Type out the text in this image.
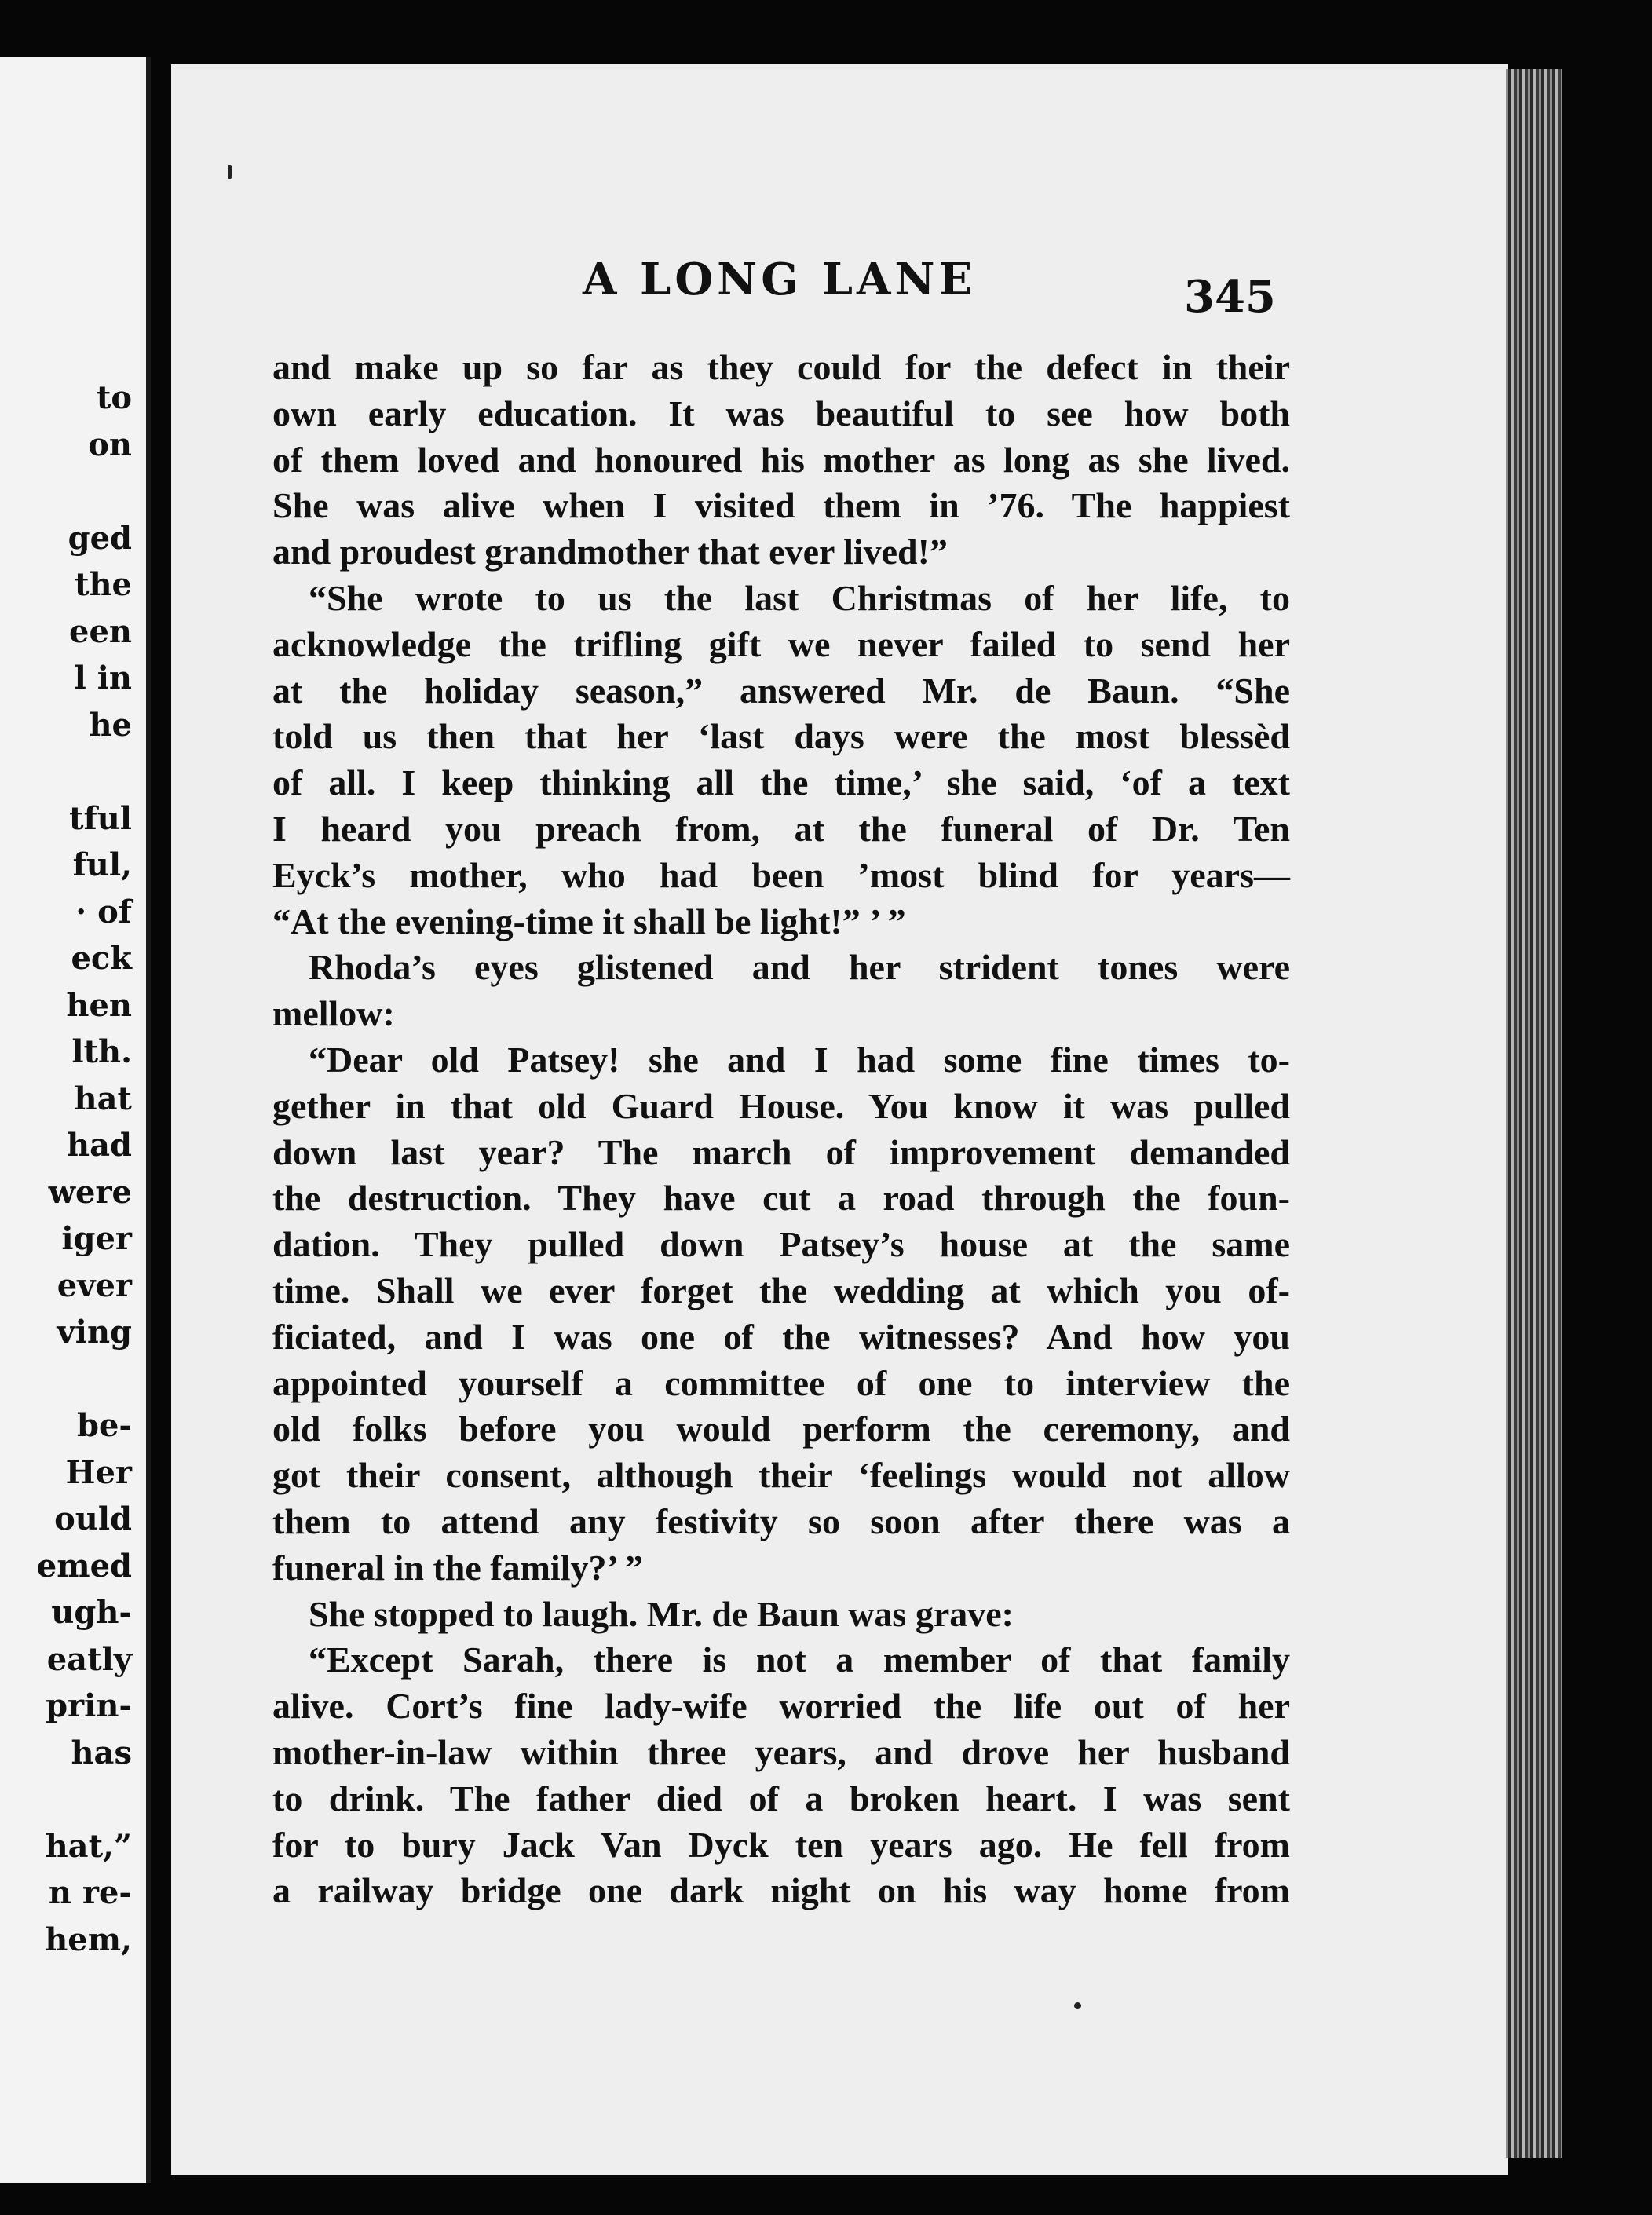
to
on
ged
the
een
l in
he
tful
ful,
· of
eck
hen
lth.
hat
had
were
iger
ever
ving
be-
Her
ould
emed
ugh-
eatly
prin-
has
hat,”
n re-
hem,
A LONG LANE	345
and make up so far as they could for the defect in their
own early education. It was beautiful to see how both
of them loved and honoured his mother as long as she lived.
She was alive when I visited them in ’76. The happiest
and proudest grandmother that ever lived!”
“She wrote to us the last Christmas of her life, to
acknowledge the trifling gift we never failed to send her
at the holiday season,” answered Mr. de Baun. “She
told us then that her ‘last days were the most blessèd
of all. I keep thinking all the time,’ she said, ‘of a text
I heard you preach from, at the funeral of Dr. Ten
Eyck’s mother, who had been ’most blind for years—
“At the evening-time it shall be light!” ’ ”
Rhoda’s eyes glistened and her strident tones were
mellow:
“Dear old Patsey! she and I had some fine times to-
gether in that old Guard House. You know it was pulled
down last year? The march of improvement demanded
the destruction. They have cut a road through the foun-
dation. They pulled down Patsey’s house at the same
time. Shall we ever forget the wedding at which you of-
ficiated, and I was one of the witnesses? And how you
appointed yourself a committee of one to interview the
old folks before you would perform the ceremony, and
got their consent, although their ‘feelings would not allow
them to attend any festivity so soon after there was a
funeral in the family?’ ”
She stopped to laugh. Mr. de Baun was grave:
“Except Sarah, there is not a member of that family
alive. Cort’s fine lady-wife worried the life out of her
mother-in-law within three years, and drove her husband
to drink. The father died of a broken heart. I was sent
for to bury Jack Van Dyck ten years ago. He fell from
a railway bridge one dark night on his way home from
